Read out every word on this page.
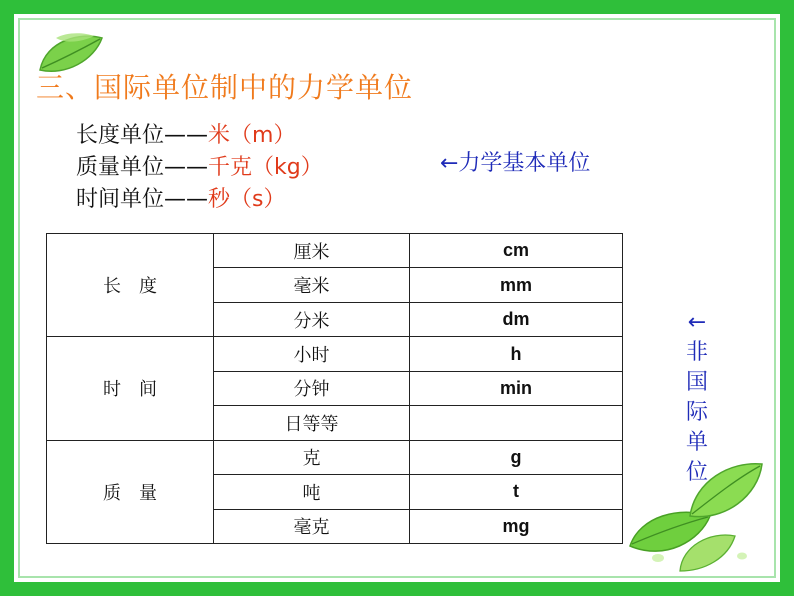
三、国际单位制中的力学单位
长度单位——米（m）
质量单位——千克（kg）
时间单位——秒（s）
←力学基本单位
长　度	厘米	cm
	毫米	mm
	分米	dm
时　间	小时	h
	分钟	min
	日等等	
质　量	克	g
	吨	t
	毫克	mg
←
非
国
际
单
位
